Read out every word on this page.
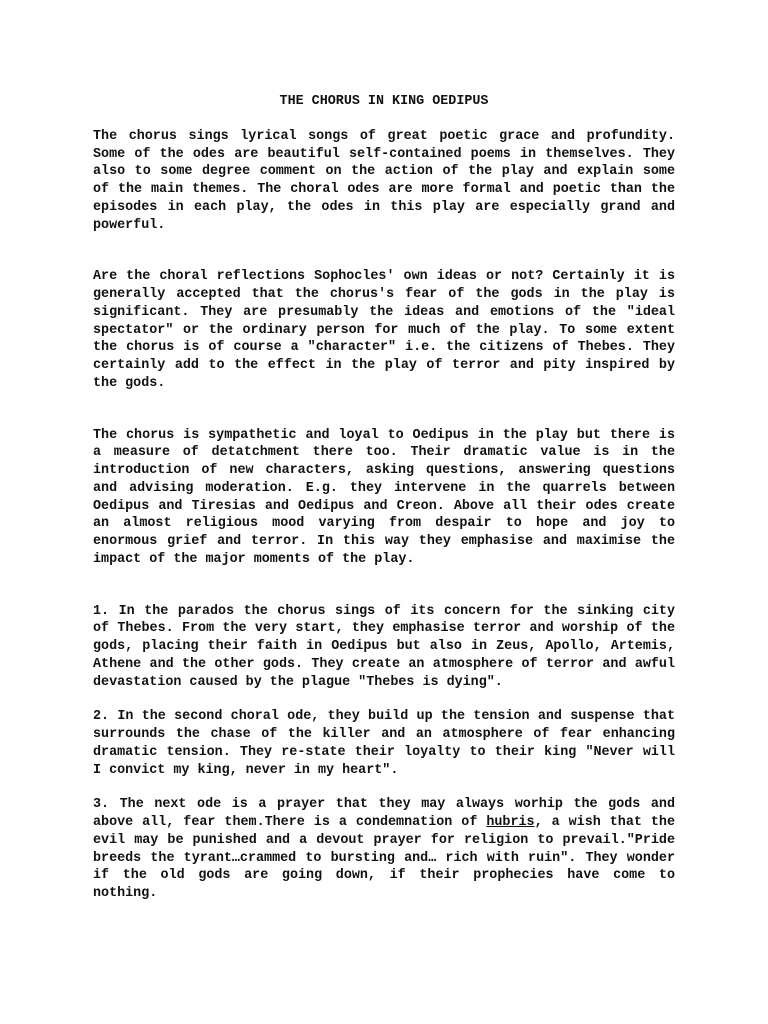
THE CHORUS IN KING OEDIPUS

The chorus sings lyrical songs of great poetic grace and profundity. Some of the odes are beautiful self-contained poems in themselves. They also to some degree comment on the action of the play and explain some of the main themes. The choral odes are more formal and poetic than the episodes in each play, the odes in this play are especially grand and powerful.

Are the choral reflections Sophocles' own ideas or not? Certainly it is generally accepted that the chorus's fear of the gods in the play is significant. They are presumably the ideas and emotions of the "ideal spectator" or the ordinary person for much of the play. To some extent the chorus is of course a "character" i.e. the citizens of Thebes. They certainly add to the effect in the play of terror and pity inspired by the gods.

The chorus is sympathetic and loyal to Oedipus in the play but there is a measure of detatchment there too. Their dramatic value is in the introduction of new characters, asking questions, answering questions and advising moderation. E.g. they intervene in the quarrels between Oedipus and Tiresias and Oedipus and Creon. Above all their odes create an almost religious mood varying from despair to hope and joy to enormous grief and terror. In this way they emphasise and maximise the impact of the major moments of the play.

1. In the parados the chorus sings of its concern for the sinking city of Thebes. From the very start, they emphasise terror and worship of the gods, placing their faith in Oedipus but also in Zeus, Apollo, Artemis, Athene and the other gods. They create an atmosphere of terror and awful devastation caused by the plague "Thebes is dying".

2. In the second choral ode, they build up the tension and suspense that surrounds the chase of the killer and an atmosphere of fear enhancing dramatic tension. They re-state their loyalty to their king "Never will I convict my king, never in my heart".

3. The next ode is a prayer that they may always worhip the gods and above all, fear them.There is a condemnation of hubris, a wish that the evil may be punished and a devout prayer for religion to prevail."Pride breeds the tyrant…crammed to bursting and… rich with ruin". They wonder if the old gods are going down, if their prophecies have come to nothing.
